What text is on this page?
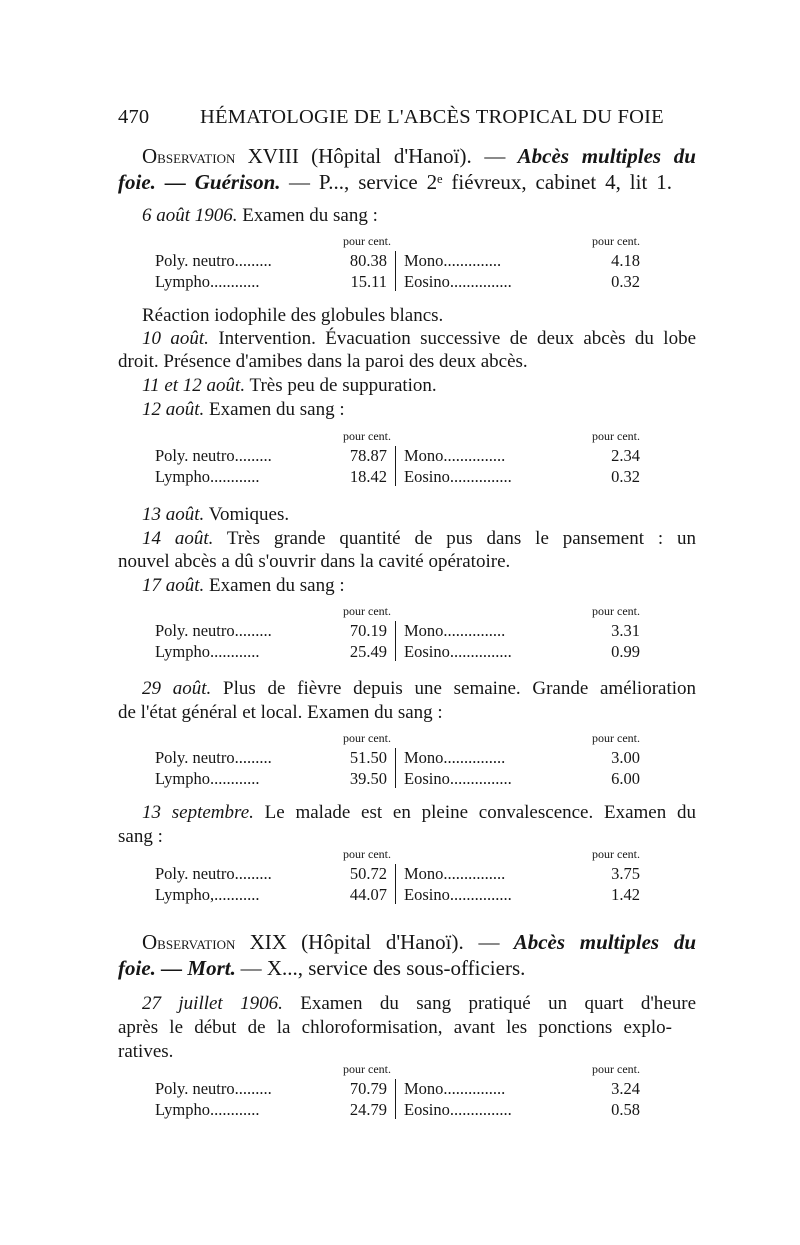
470 HÉMATOLOGIE DE L'ABCÈS TROPICAL DU FOIE
Observation XVIII (Hôpital d'Hanoï). — Abcès multiples du
foie. — Guérison. — P..., service 2ᵉ fiévreux, cabinet 4, lit 1.
6 août 1906. Examen du sang :
pour cent.	pour cent.
Poly. neutro.........	80.38 Mono..............	4.18
Lympho............	15.11 Eosino...............	0.32
Réaction iodophile des globules blancs.
10 août. Intervention. Évacuation successive de deux abcès du lobe
droit. Présence d'amibes dans la paroi des deux abcès.
11 et 12 août. Très peu de suppuration.
12 août. Examen du sang :
pour cent.	pour cent.
Poly. neutro.........	78.87 Mono...............	2.34
Lympho............	18.42 Eosino...............	0.32
13 août. Vomiques.
14 août. Très grande quantité de pus dans le pansement : un
nouvel abcès a dû s'ouvrir dans la cavité opératoire.
17 août. Examen du sang :
pour cent.	pour cent.
Poly. neutro.........	70.19 Mono...............	3.31
Lympho............	25.49 Eosino...............	0.99
29 août. Plus de fièvre depuis une semaine. Grande amélioration
de l'état général et local. Examen du sang :
pour cent.	pour cent.
Poly. neutro.........	51.50 Mono...............	3.00
Lympho............	39.50 Eosino...............	6.00
13 septembre. Le malade est en pleine convalescence. Examen du
sang :
pour cent.	pour cent.
Poly. neutro.........	50.72 Mono...............	3.75
Lympho,...........	44.07 Eosino...............	1.42
Observation XIX (Hôpital d'Hanoï). — Abcès multiples du
foie. — Mort. — X..., service des sous-officiers.
27 juillet 1906. Examen du sang pratiqué un quart d'heure
après le début de la chloroformisation, avant les ponctions explo-
ratives.
pour cent.	pour cent.
Poly. neutro.........	70.79 Mono...............	3.24
Lympho............	24.79 Eosino...............	0.58
